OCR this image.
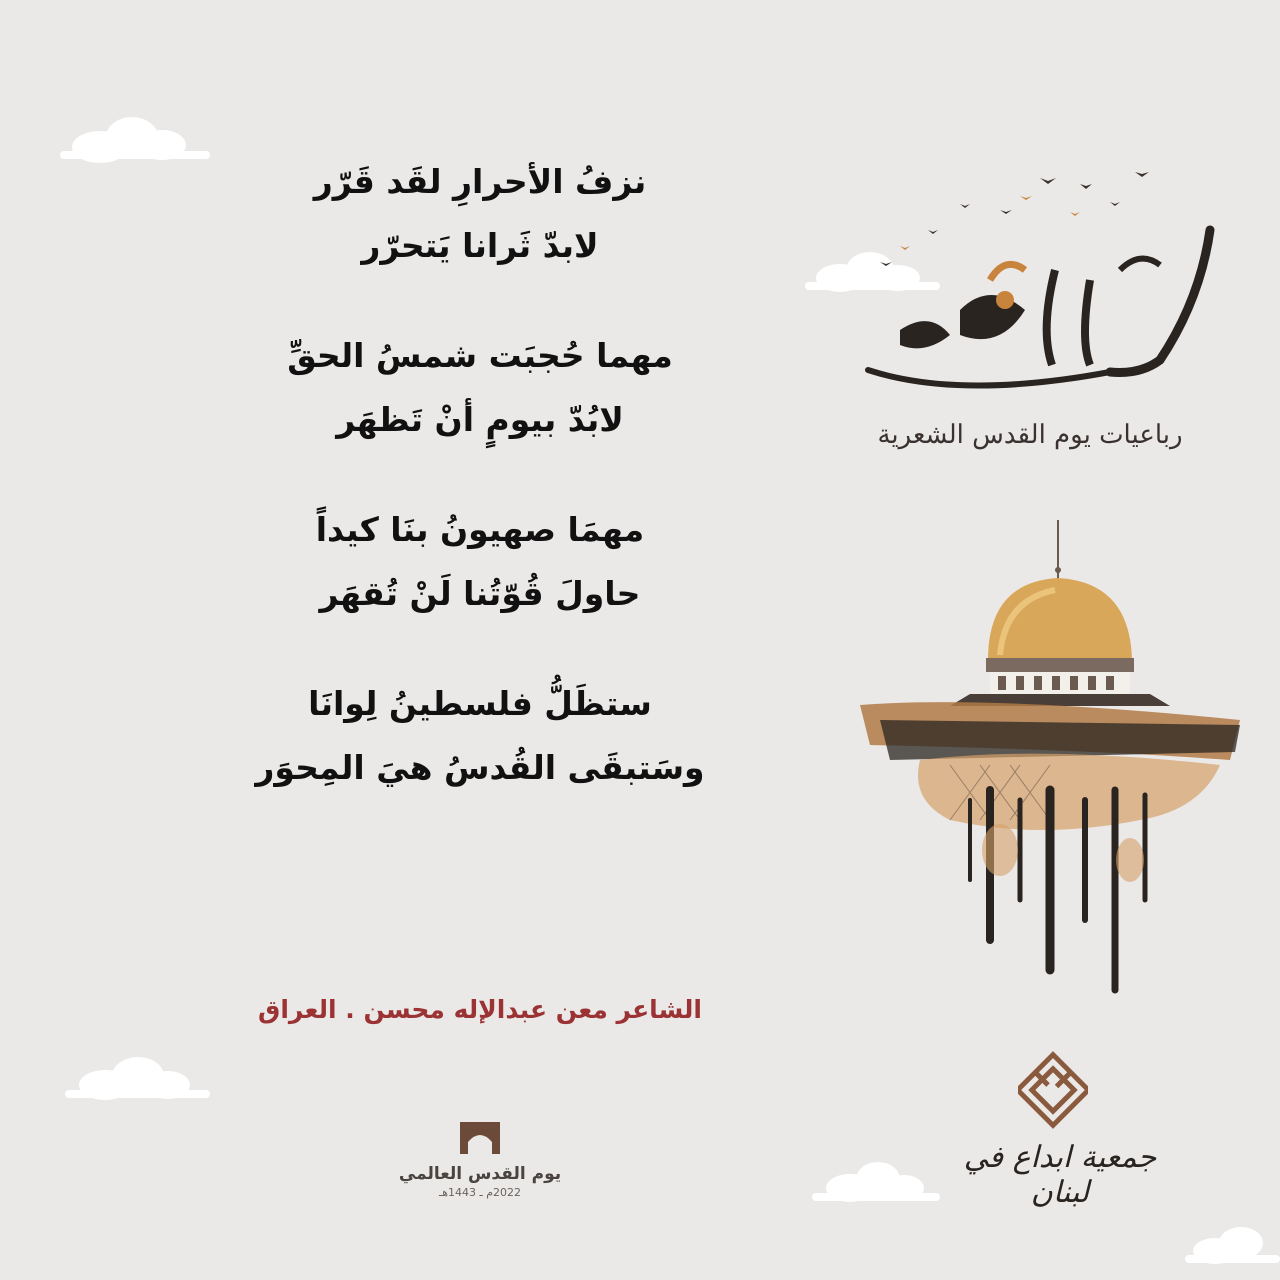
نزفُ الأحرارِ لقَد قَرّر
لابدّ ثَرانا يَتحرّر
مهما حُجبَت شمسُ الحقِّ
لابُدّ بيومٍ أنْ تَظهَر
مهمَا صهيونُ بنَا كيداً
حاولَ قُوّتُنا لَنْ تُقهَر
ستظَلُّ فلسطينُ لِوانَا
وسَتبقَى القُدسُ هيَ المِحوَر
الشاعر معن عبدالإله محسن . العراق
يوم القدس العالمي
2022م ـ 1443هـ
رباعيات يوم القدس الشعرية
جمعية ابداع في لبنان
